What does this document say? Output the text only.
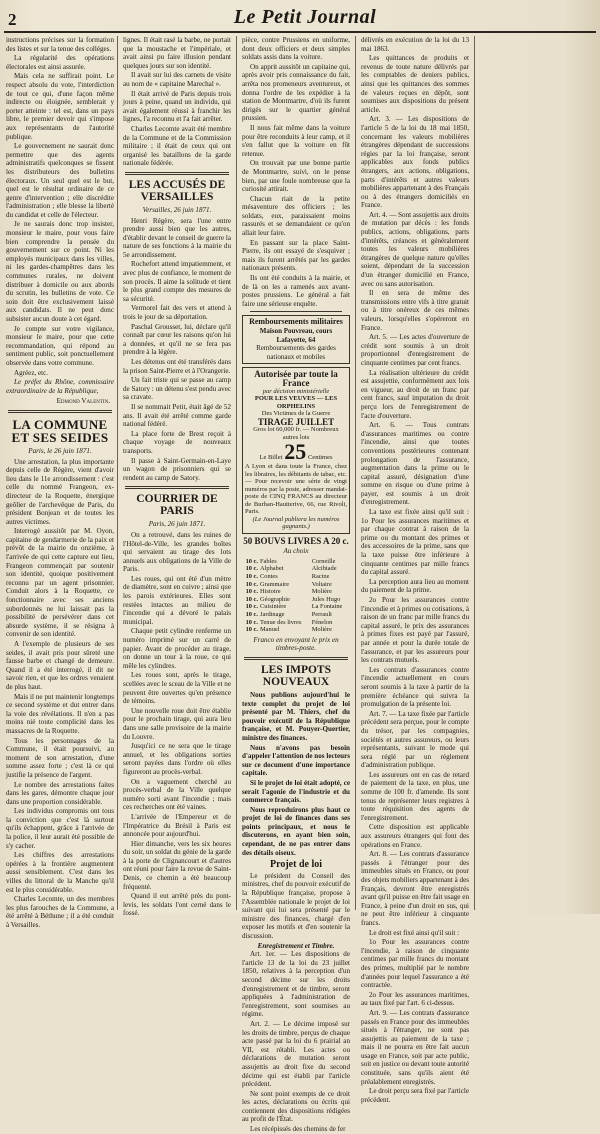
2	Le Petit Journal

instructions précises sur la formation des listes et sur la tenue des colléges.

La régularité des opérations électorales est ainsi assurée.

Mais cela ne suffirait point. Le respect absolu du vote, l'interdiction de tout ce qui, d'une façon même indirecte ou éloignée, semblerait y porter atteinte : tel est, dans un pays libre, le premier devoir qui s'impose aux représentants de l'autorité publique.

Le gouvernement ne saurait donc permettre que des agents administratifs quelconques se fissent les distributeurs des bulletins électoraux. Un seul quel est le but, quel est le résultat ordinaire de ce genre d'intervention ; elle discrédite l'administration ; elle blesse la liberté du candidat et celle de l'électeur.

Je ne saurais donc trop insister, monsieur le maire, pour vous faire bien comprendre la pensée du gouvernement sur ce point. Ni les employés municipaux dans les villes, ni les gardes-champêtres dans les communes rurales, ne doivent distribuer à domicile ou aux abords du scrutin, les bulletins de vote. Ce soin doit être exclusivement laissé aux candidats. Il ne peut donc subsister aucun doute à cet égard.

Je compte sur votre vigilance, monsieur le maire, pour que cette recommandation, qui répond au sentiment public, soit ponctuellement observée dans votre commune.

Agréez, etc.

Le préfet du Rhône, commissaire extraordinaire de la République,

Edmond Valentin.
LA COMMUNE ET SES SEIDES
Paris, le 26 juin 1871.

Une arrestation, la plus importante depuis celle de Régère, vient d'avoir lieu dans le 11e arrondissement : c'est celle du nommé Frangeon, ex-directeur de la Roquette, énergique geôlier de l'archevêque de Paris, du président Bonjean et de toutes les autres victimes.

Interrogé aussitôt par M. Oyon, capitaine de gendarmerie de la paix et prévôt de la mairie du onzième, à l'arrivée de qui cette capture eut lieu, Frangeon commençait par soutenir son identité, quoique positivement reconnu par un agent prisonnier. Conduit alors à la Roquette, ce fonctionnaire avec ses anciens subordonnés ne lui laissait pas la possibilité de persévérer dans cet absurde système, il se résigna à convenir de son identité.

A l'exemple de plusieurs de ses seides, il avait pris pour sûreté une fausse barbe et changé de demeure. Quand il a été interrogé, il dit ne savoir rien, et que les ordres venaient de plus haut.

Mais il ne put maintenir longtemps ce second système et dut entrer dans la voie des révélations. Il n'en a pas moins nié toute complicité dans les massacres de la Roquette.

Tous les personnages de la Commune, il était poursuivi, au moment de son arrestation, d'une somme assez forte ; c'est là ce qui justifie la présence de l'argent.

Le nombre des arrestations faites dans les gares, démontre chaque jour dans une proportion considérable.

Les individus compromis ont tous la conviction que c'est là surtout qu'ils échappent, grâce à l'arrivée de la police, il leur aurait été possible de s'y cacher.

Les chiffres des arrestations opérées à la frontière augmentent aussi sensiblement. C'est dans les villes du littoral de la Manche qu'il est le plus considérable.

Charles Lecomte, un des membres les plus farouches de la Commune, a été arrêté à Béthune ; il a été conduit à Versailles.

lignes. Il était rasé la barbe, ne portait que la moustache et l'impériale, et avait ainsi pu faire illusion pendant quelques jours sur son identité.

Il avait sur lui des carnets de visite au nom de « capitaine Marechal ».

Il était arrivé de Paris depuis trois jours à peine, quand un individu, qui avait également réussi à franchir les lignes, l'a reconnu et l'a fait arrêter.

Charles Lecomte avait été membre de la Commune et de la Commission militaire ; il était de ceux qui ont organisé les bataillons de la garde nationale fédérée.

LES ACCUSÉS DE VERSAILLES
Versailles, 26 juin 1871.

Henri Régère, sera l'une entre prendre aussi bien que les autres, d'établir devant le conseil de guerre la nature de ses fonctions à la mairie du 5e arrondissement.

Rochefort attend impatiemment, et avec plus de confiance, le moment de son procès. Il aime la solitude et tient le plus grand compte des mesures de sa sécurité.

Vermorel fait des vers et attend à trois le jour de sa déportation.

Paschal Grousset, lui, déclare qu'il connaît par cœur les raisons qu'on lui a données, et qu'il ne se fera pas prendre à la légère.

Les détenus ont été transférés dans la prison Saint-Pierre et à l'Orangerie.

Un fait triste qui se passe au camp de Satory : un détenu s'est pendu avec sa cravate.

Il se nommait Petit, était âgé de 52 ans. Il avait été arrêté comme garde national fédéré.

La place forte de Brest reçoit à chaque voyage de nouveaux transports.

Il passe à Saint-Germain-en-Laye un wagon de prisonniers qui se rendent au camp de Satory.

COURRIER DE PARIS
Paris, 26 juin 1871.

On a retrouvé, dans les ruines de l'Hôtel-de-Ville, les grandes boîtes qui servaient au tirage des lots annuels aux obligations de la Ville de Paris.

Les roues, qui ont été d'un mètre de diamètre, sont en cuivre ; ainsi que les parois extérieures. Elles sont restées intactes au milieu de l'incendie qui a dévoré le palais municipal.

Chaque petit cylindre renferme un numéro imprimé sur un carré de papier. Avant de procéder au tirage, on donne un tour à la roue, ce qui mêle les cylindres.

Les roues sont, après le tirage, scellées avec le sceau de la Ville et ne peuvent être ouvertes qu'en présence de témoins.

Une nouvelle roue doit être établie pour le prochain tirage, qui aura lieu dans une salle provisoire de la mairie du Louvre.

Jusqu'ici ce ne sera que le tirage annuel, et les obligations sorties seront payées dans l'ordre où elles figureront au procès-verbal.

On a vaguement cherché au procès-verbal de la Ville quelque numéro sorti avant l'incendie ; mais ces recherches ont été vaines.

L'arrivée de l'Empereur et de l'Impératrice du Brésil à Paris est annoncée pour aujourd'hui.

Hier dimanche, vers les six heures du soir, un soldat du génie de la garde à la porte de Clignancourt et d'autres ont réuni pour faire la revue de Saint-Denis, ce chemin a été beaucoup fréquenté.

Quand il eut arrêté près du pont-levis, les soldats l'ont cerné dans le fossé.

pièce, contre Prussiens en uniforme, dont deux officiers et deux simples soldats assis dans la voiture.

On apprit aussitôt un capitaine qui, après avoir pris connaissance du fait, arrêta nos promeneurs aventureux, et donna l'ordre de les expédier à la station de Montmartre, d'où ils furent dirigés sur le quartier général prussien.

Il nous fait même dans la voiture pour être reconduits à leur camp, et il s'en fallut que la voiture en fût retenue.

On trouvait par une bonne partie de Montmartre, suivi, on le pense bien, par une foule nombreuse que la curiosité attirait.

Chacun riait de la petite mésaventure des officiers ; les soldats, eux, paraissaient moins rassurés et se demandaient ce qu'on allait leur faire.

En passant sur la place Saint-Pierre, ils ont essayé de s'esquiver ; mais ils furent arrêtés par les gardes nationaux présents.

Ils ont été conduits à la mairie, et de là on les a ramenés aux avant-postes prussiens. Le général a fait faire une sérieuse enquête.

Remboursements militaires
Maison Pouvreau, cours Lafayette, 64
Remboursements des gardes nationaux et mobiles
Autorisée par toute la France
par décision ministérielle
POUR LES VEUVES — LES ORPHELINS
Des Victimes de la Guerre
TIRAGE JUILLET
Gros lot 60,000 fr. — Nombreux autres lots
Le Billet 25 Centimes
A Lyon et dans toute la France, chez les libraires, les débitants de tabac, etc. — Pour recevoir une série de vingt numéros par la poste, adresser mandat-poste de CINQ FRANCS au directeur de Burhan-Hautterive, 66, rue Rivoli, Paris.
(Le Journal publiera les numéros gagnants.)
50 BOUVS LIVRES A 20 c.
Au choix
10 c.	Fables	Corneille
10 c.	Alphabet	Alcibiade
10 c.	Contes	Racine
10 c.	Grammaire	Voltaire
10 c.	Histoire	Molière
10 c.	Géographie	Jules Hugo
10 c.	Cuisinière	La Fontaine
10 c.	Jardinage	Perrault
10 c.	Tenue des livres	Fénelon
10 c.	Manuel	Molière
Franco en envoyant le prix en timbres-poste.
LES IMPOTS NOUVEAUX

Nous publions aujourd'hui le texte complet du projet de loi présenté par M. Thiers, chef du pouvoir exécutif de la République française, et M. Pouyer-Quertier, ministre des finances.

Nous n'avons pas besoin d'appeler l'attention de nos lecteurs sur ce document d'une importance capitale.

Si le projet de loi était adopté, ce serait l'agonie de l'industrie et du commerce français.

Nous reproduirons plus haut ce projet de loi de finances dans ses points principaux, et nous le discuterons, en ayant bien soin, cependant, de ne pas entrer dans des détails oiseux.

Projet de loi

Le président du Conseil des ministres, chef du pouvoir exécutif de la République française, propose à l'Assemblée nationale le projet de loi suivant qui lui sera présenté par le ministre des finances, chargé d'en exposer les motifs et d'en soutenir la discussion.

Enregistrement et Timbre.

Art. 1er. — Les dispositions de l'article 13 de la loi du 23 juillet 1850, relatives à la perception d'un second décime sur les droits d'enregistrement et de timbre, seront appliquées à l'administration de l'enregistrement, sont soumises au régime.

Art. 2. — Le décime imposé sur les droits de timbre, perçus de chaque acte passé par la loi du 6 prairial an VII, est rétabli. Les actes ou déclarations de mutation seront assujettis au droit fixe du second décime qui est établi par l'article précédent.

Ne sont point exempts de ce droit les actes, déclarations ou écrits qui contiennent des dispositions rédigées au profit de l'État.

Les récépissés des chemins de fer

délivrés en exécution de la loi du 13 mai 1863.

Les quittances de produits et revenus de toute nature délivrés par les comptables de deniers publics, ainsi que les quittances des sommes de valeurs reçues en dépôt, sont soumises aux dispositions du présent article.

Art. 3. — Les dispositions de l'article 5 de la loi du 18 mai 1850, concernant les valeurs mobilières étrangères dépendant de successions régies par la loi française, seront applicables aux fonds publics étrangers, aux actions, obligations, parts d'intérêts et autres valeurs mobilières appartenant à des Français ou à des étrangers domiciliés en France.

Art. 4. — Sont assujettis aux droits de mutation par décès : les fonds publics, actions, obligations, parts d'intérêts, créances et généralement toutes les valeurs mobilières étrangères de quelque nature qu'elles soient, dépendant de la succession d'un étranger domicilié en France, avec ou sans autorisation.

Il en sera de même des transmissions entre vifs à titre gratuit ou à titre onéreux de ces mêmes valeurs, lorsqu'elles s'opéreront en France.

Art. 5. — Les actes d'ouverture de crédit sont soumis à un droit proportionnel d'enregistrement de cinquante centimes par cent francs.

La réalisation ultérieure du crédit est assujettie, conformément aux lois en vigueur, au droit de un franc par cent francs, sauf imputation du droit perçu lors de l'enregistrement de l'acte d'ouverture.

Art. 6. — Tous contrats d'assurances maritimes ou contre l'incendie, ainsi que toutes conventions postérieures contenant prolongation de l'assurance, augmentation dans la prime ou le capital assuré, désignation d'une somme en risque ou d'une prime à payer, est soumis à un droit d'enregistrement.

La taxe est fixée ainsi qu'il suit : 1o Pour les assurances maritimes et par chaque contrat à raison de la prime ou du montant des primes et des accessoires de la prime, sans que la taxe puisse être inférieure à cinquante centimes par mille francs du capital assuré.

La perception aura lieu au moment du paiement de la prime.

2o Pour les assurances contre l'incendie et à primes ou cotisations, à raison de un franc par mille francs du capital assuré, le prix des assurances à primes fixes est payé par l'assuré, par année et pour la durée totale de l'assurance, et par les assureurs pour les contrats mutuels.

Les contrats d'assurances contre l'incendie actuellement en cours seront soumis à la taxe à partir de la première échéance qui suivra la promulgation de la présente loi.

Art. 7. — La taxe fixée par l'article précédent sera perçue, pour le compte du trésor, par les compagnies, sociétés et autres assureurs, ou leurs représentants, suivant le mode qui sera réglé par un règlement d'administration publique.

Les assureurs ont en cas de retard de paiement de la taxe, en plus, une somme de 100 fr. d'amende. Ils sont tenus de représenter leurs registres à toute réquisition des agents de l'enregistrement.

Cette disposition est applicable aux assureurs étrangers qui font des opérations en France.

Art. 8. — Les contrats d'assurance passés à l'étranger pour des immeubles situés en France, ou pour des objets mobiliers appartenant à des Français, devront être enregistrés avant qu'il puisse en être fait usage en France, à peine d'un droit en sus, qui ne peut être inférieur à cinquante francs.

Le droit est fixé ainsi qu'il suit :

1o Pour les assurances contre l'incendie, à raison de cinquante centimes par mille francs du montant des primes, multiplié par le nombre d'années pour lequel l'assurance a été contractée.

2o Pour les assurances maritimes, au taux fixé par l'art. 6 ci-dessus.

Art. 9. — Les contrats d'assurance passés en France pour des immeubles situés à l'étranger, ne sont pas assujettis au paiement de la taxe ; mais il ne pourra en être fait aucun usage en France, soit par acte public, soit en justice ou devant toute autorité constituée, sans qu'ils aient été préalablement enregistrés.

Le droit perçu sera fixé par l'article précédent.
